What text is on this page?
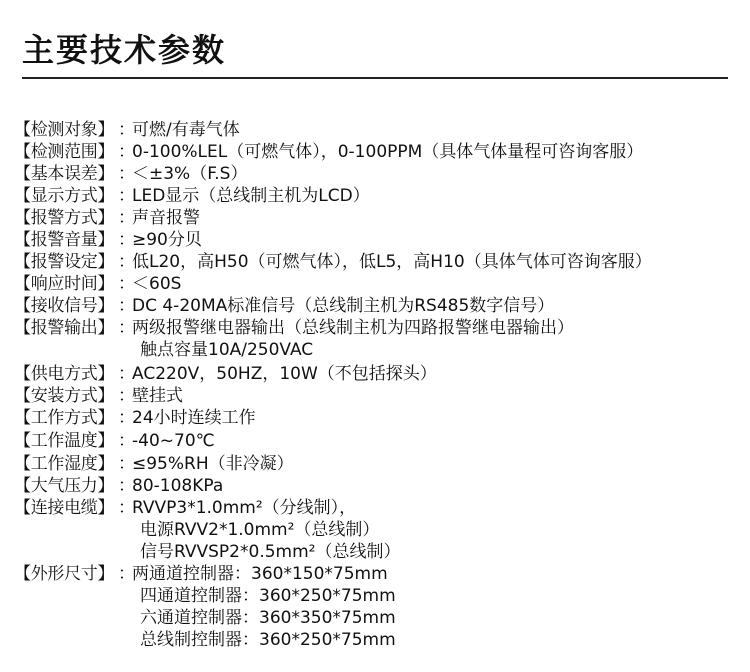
主要技术参数
【检测对象】 ：
可燃/有毒气体
【检测范围】 ：
0-100%LEL（可燃气体），0-100PPM（具体气体量程可咨询客服）
【基本误差】 ：
＜±3%（F.S）
【显示方式】 ：
LED显示（总线制主机为LCD）
【报警方式】 ：
声音报警
【报警音量】 ：
≥90分贝
【报警设定】 ：
低L20，高H50（可燃气体），低L5，高H10（具体气体可咨询客服）
【响应时间】 ：
＜60S
【接收信号】 ：
DC 4-20MA标准信号（总线制主机为RS485数字信号）
【报警输出】 ：
两级报警继电器输出（总线制主机为四路报警继电器输出）
触点容量10A/250VAC
【供电方式】 ：
AC220V，50HZ，10W（不包括探头）
【安装方式】 ：
壁挂式
【工作方式】 ：
24小时连续工作
【工作温度】 ：
-40~70℃
【工作湿度】 ：
≤95%RH（非冷凝）
【大气压力】 ：
80-108KPa
【连接电缆】 ：
RVVP3*1.0mm²（分线制），
电源RVV2*1.0mm²（总线制）
信号RVVSP2*0.5mm²（总线制）
【外形尺寸】 ：
两通道控制器：360*150*75mm
四通道控制器：360*250*75mm
六通道控制器：360*350*75mm
总线制控制器：360*250*75mm
